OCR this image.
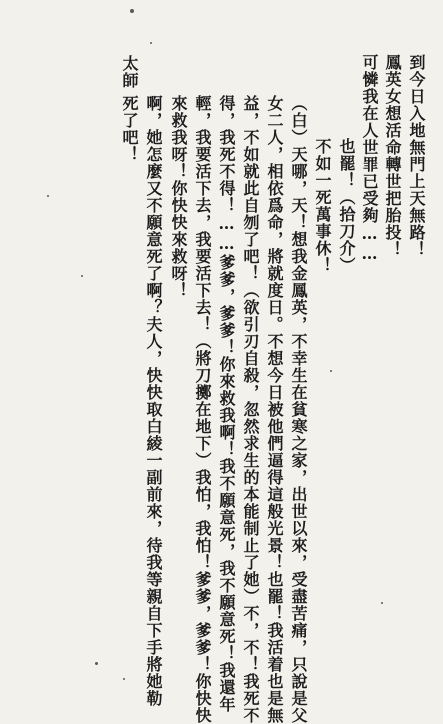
到今日入地無門上天無路！
鳳英女想活命轉世把胎投！
可憐我在人世罪已受夠……
也罷！（拾刀介）
不如一死萬事休！
（白）天哪，天！想我金鳳英，不幸生在貧寒之家，出世以來，受盡苦痛，只說是父
女二人，相依爲命，將就度日。不想今日被他們逼得這般光景！也罷！我活着也是無
益，不如就此自刎了吧！（欲引刃自殺，忽然求生的本能制止了她）不，不！我死不
得，我死不得！……爹爹，爹爹！你來救我啊！我不願意死，我不願意死！我還年
輕，我要活下去，我要活下去！（將刀擲在地下）我怕，我怕！爹爹，爹爹！你快快
來救我呀！你快快來救呀！
太師
啊，她怎麼又不願意死了啊？夫人，快快取白綾一副前來，待我等親自下手將她勒
死了吧！
